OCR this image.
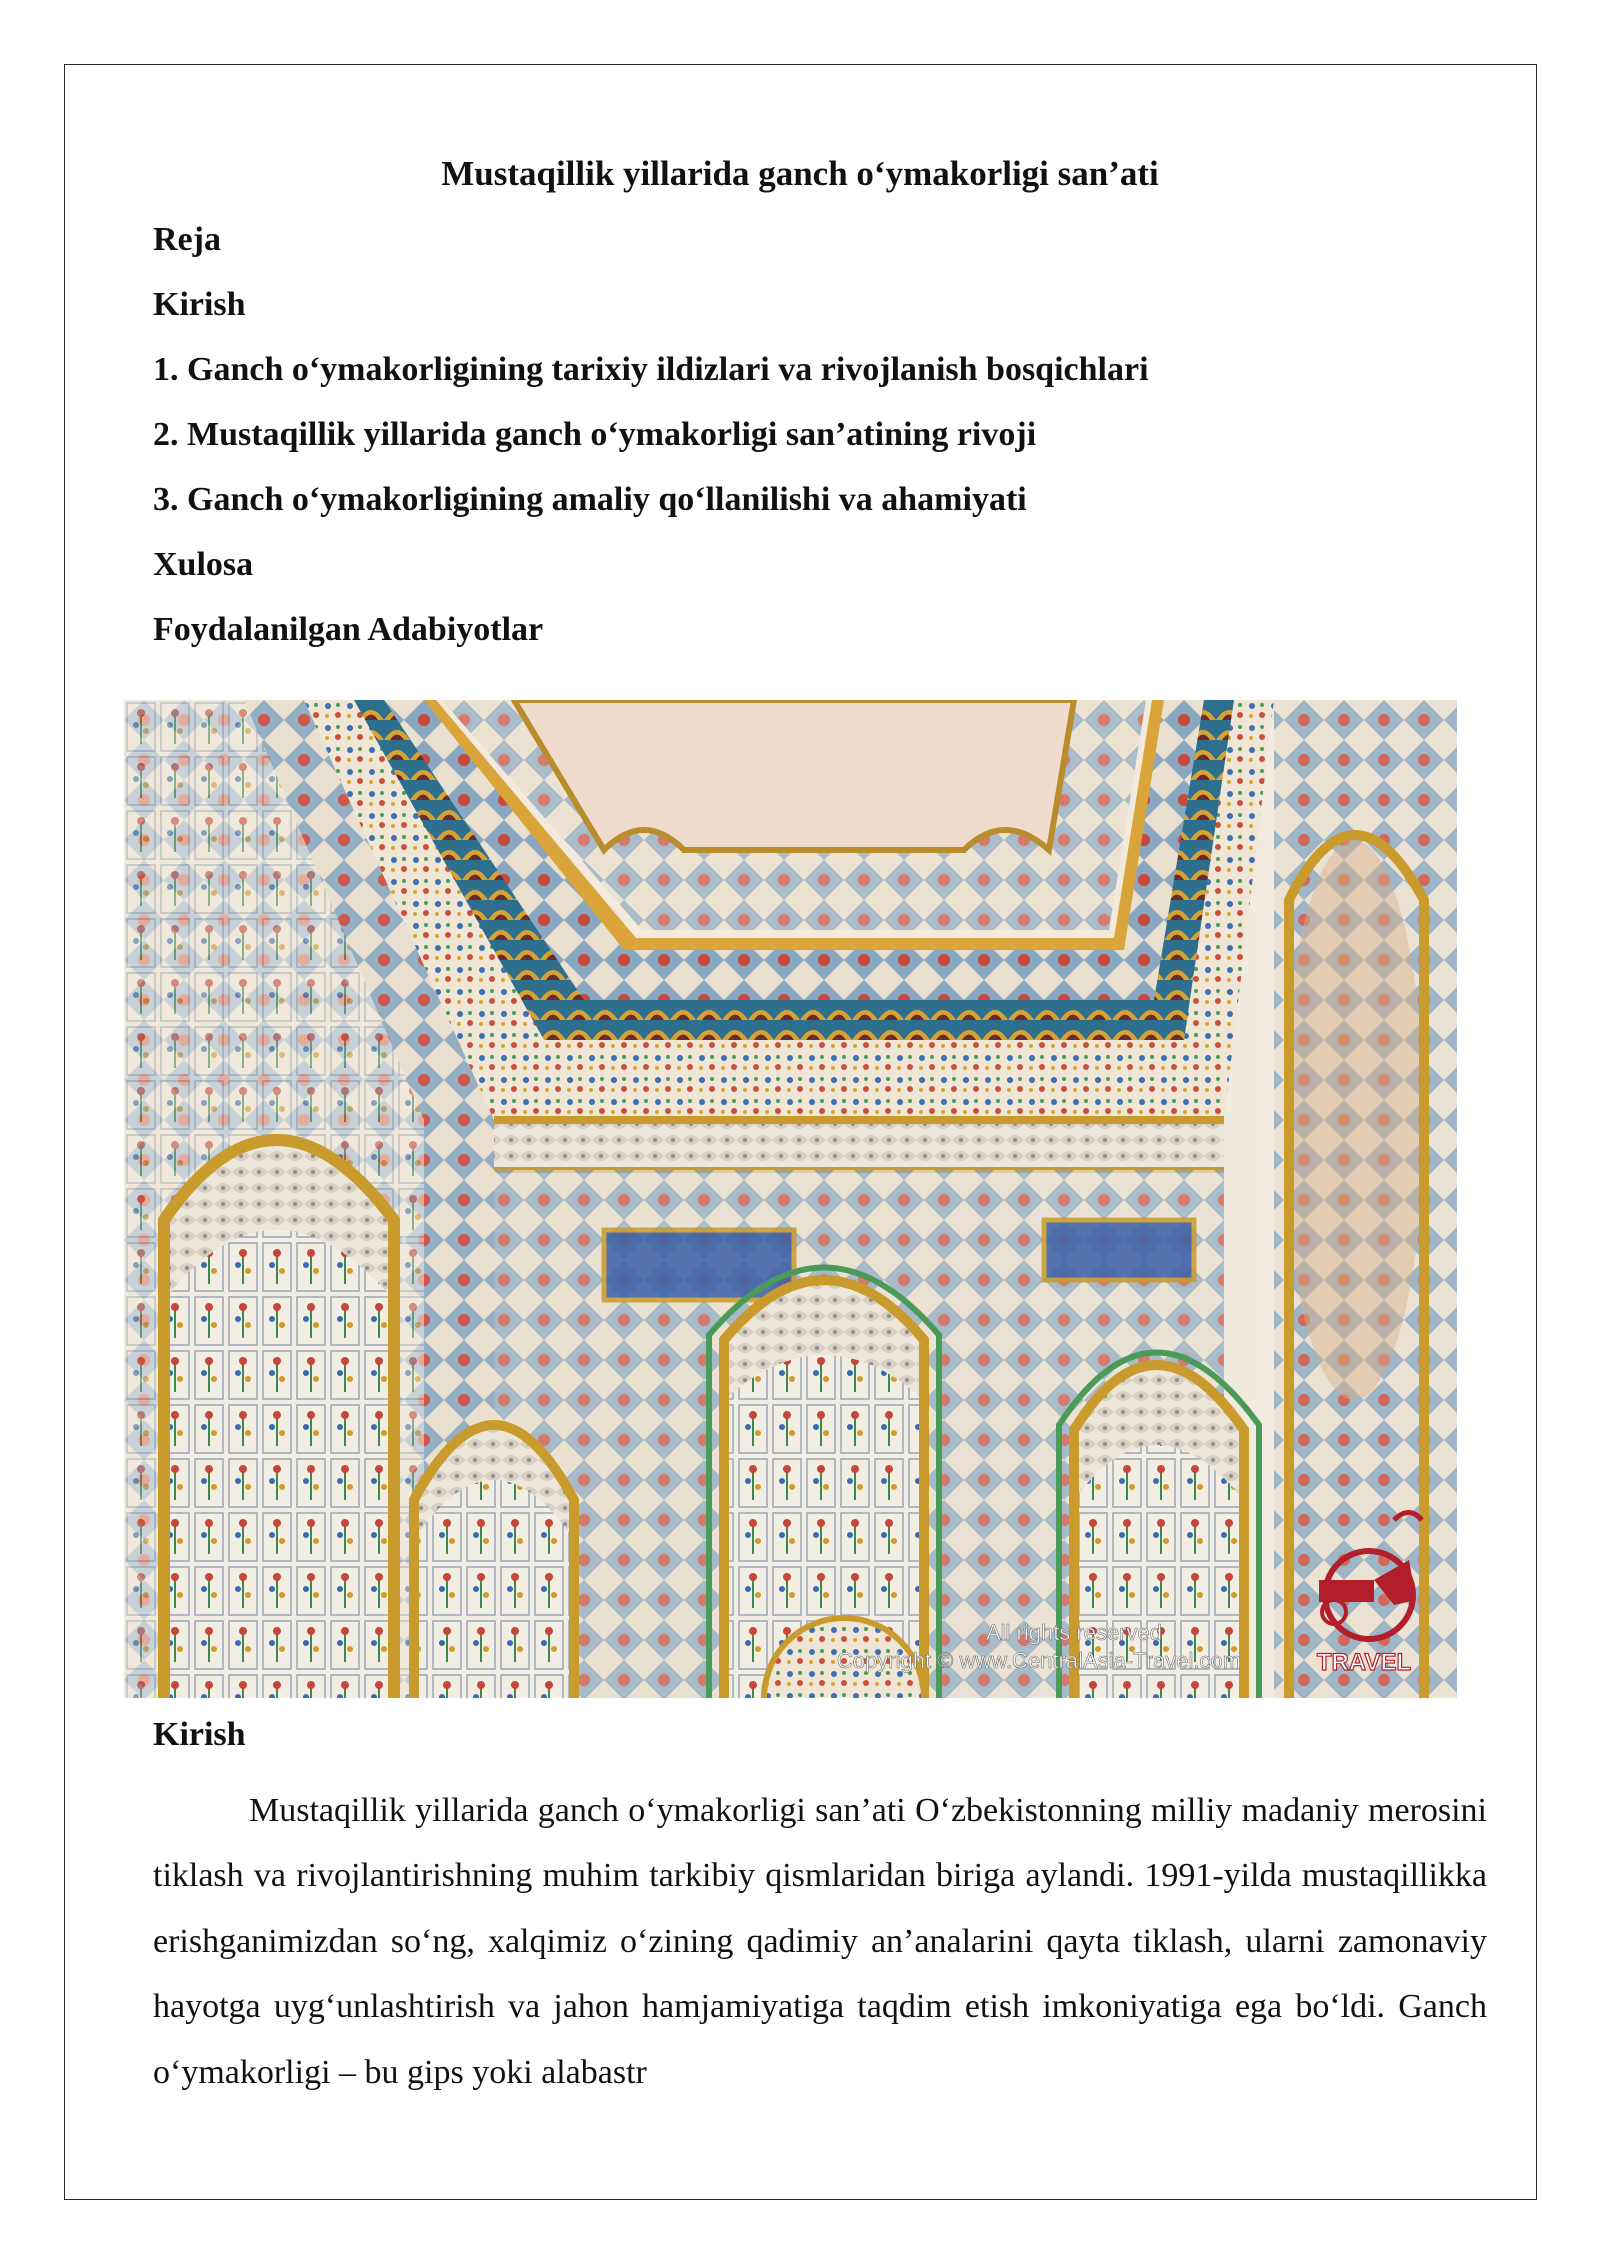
Mustaqillik yillarida ganch o‘ymakorligi san’ati
Reja
Kirish
1. Ganch o‘ymakorligining tarixiy ildizlari va rivojlanish bosqichlari
2. Mustaqillik yillarida ganch o‘ymakorligi san’atining rivoji
3. Ganch o‘ymakorligining amaliy qo‘llanilishi va ahamiyati
Xulosa
Foydalanilgan Adabiyotlar
All rights reserved
Copyright © www.CentralAsia-Travel.com	TRAVEL
Kirish
Mustaqillik yillarida ganch o‘ymakorligi san’ati O‘zbekistonning milliy madaniy merosini tiklash va rivojlantirishning muhim tarkibiy qismlaridan biriga aylandi. 1991-yilda mustaqillikka erishganimizdan so‘ng, xalqimiz o‘zining qadimiy an’analarini qayta tiklash, ularni zamonaviy hayotga uyg‘unlashtirish va jahon hamjamiyatiga taqdim etish imkoniyatiga ega bo‘ldi. Ganch o‘ymakorligi – bu gips yoki alabastr
